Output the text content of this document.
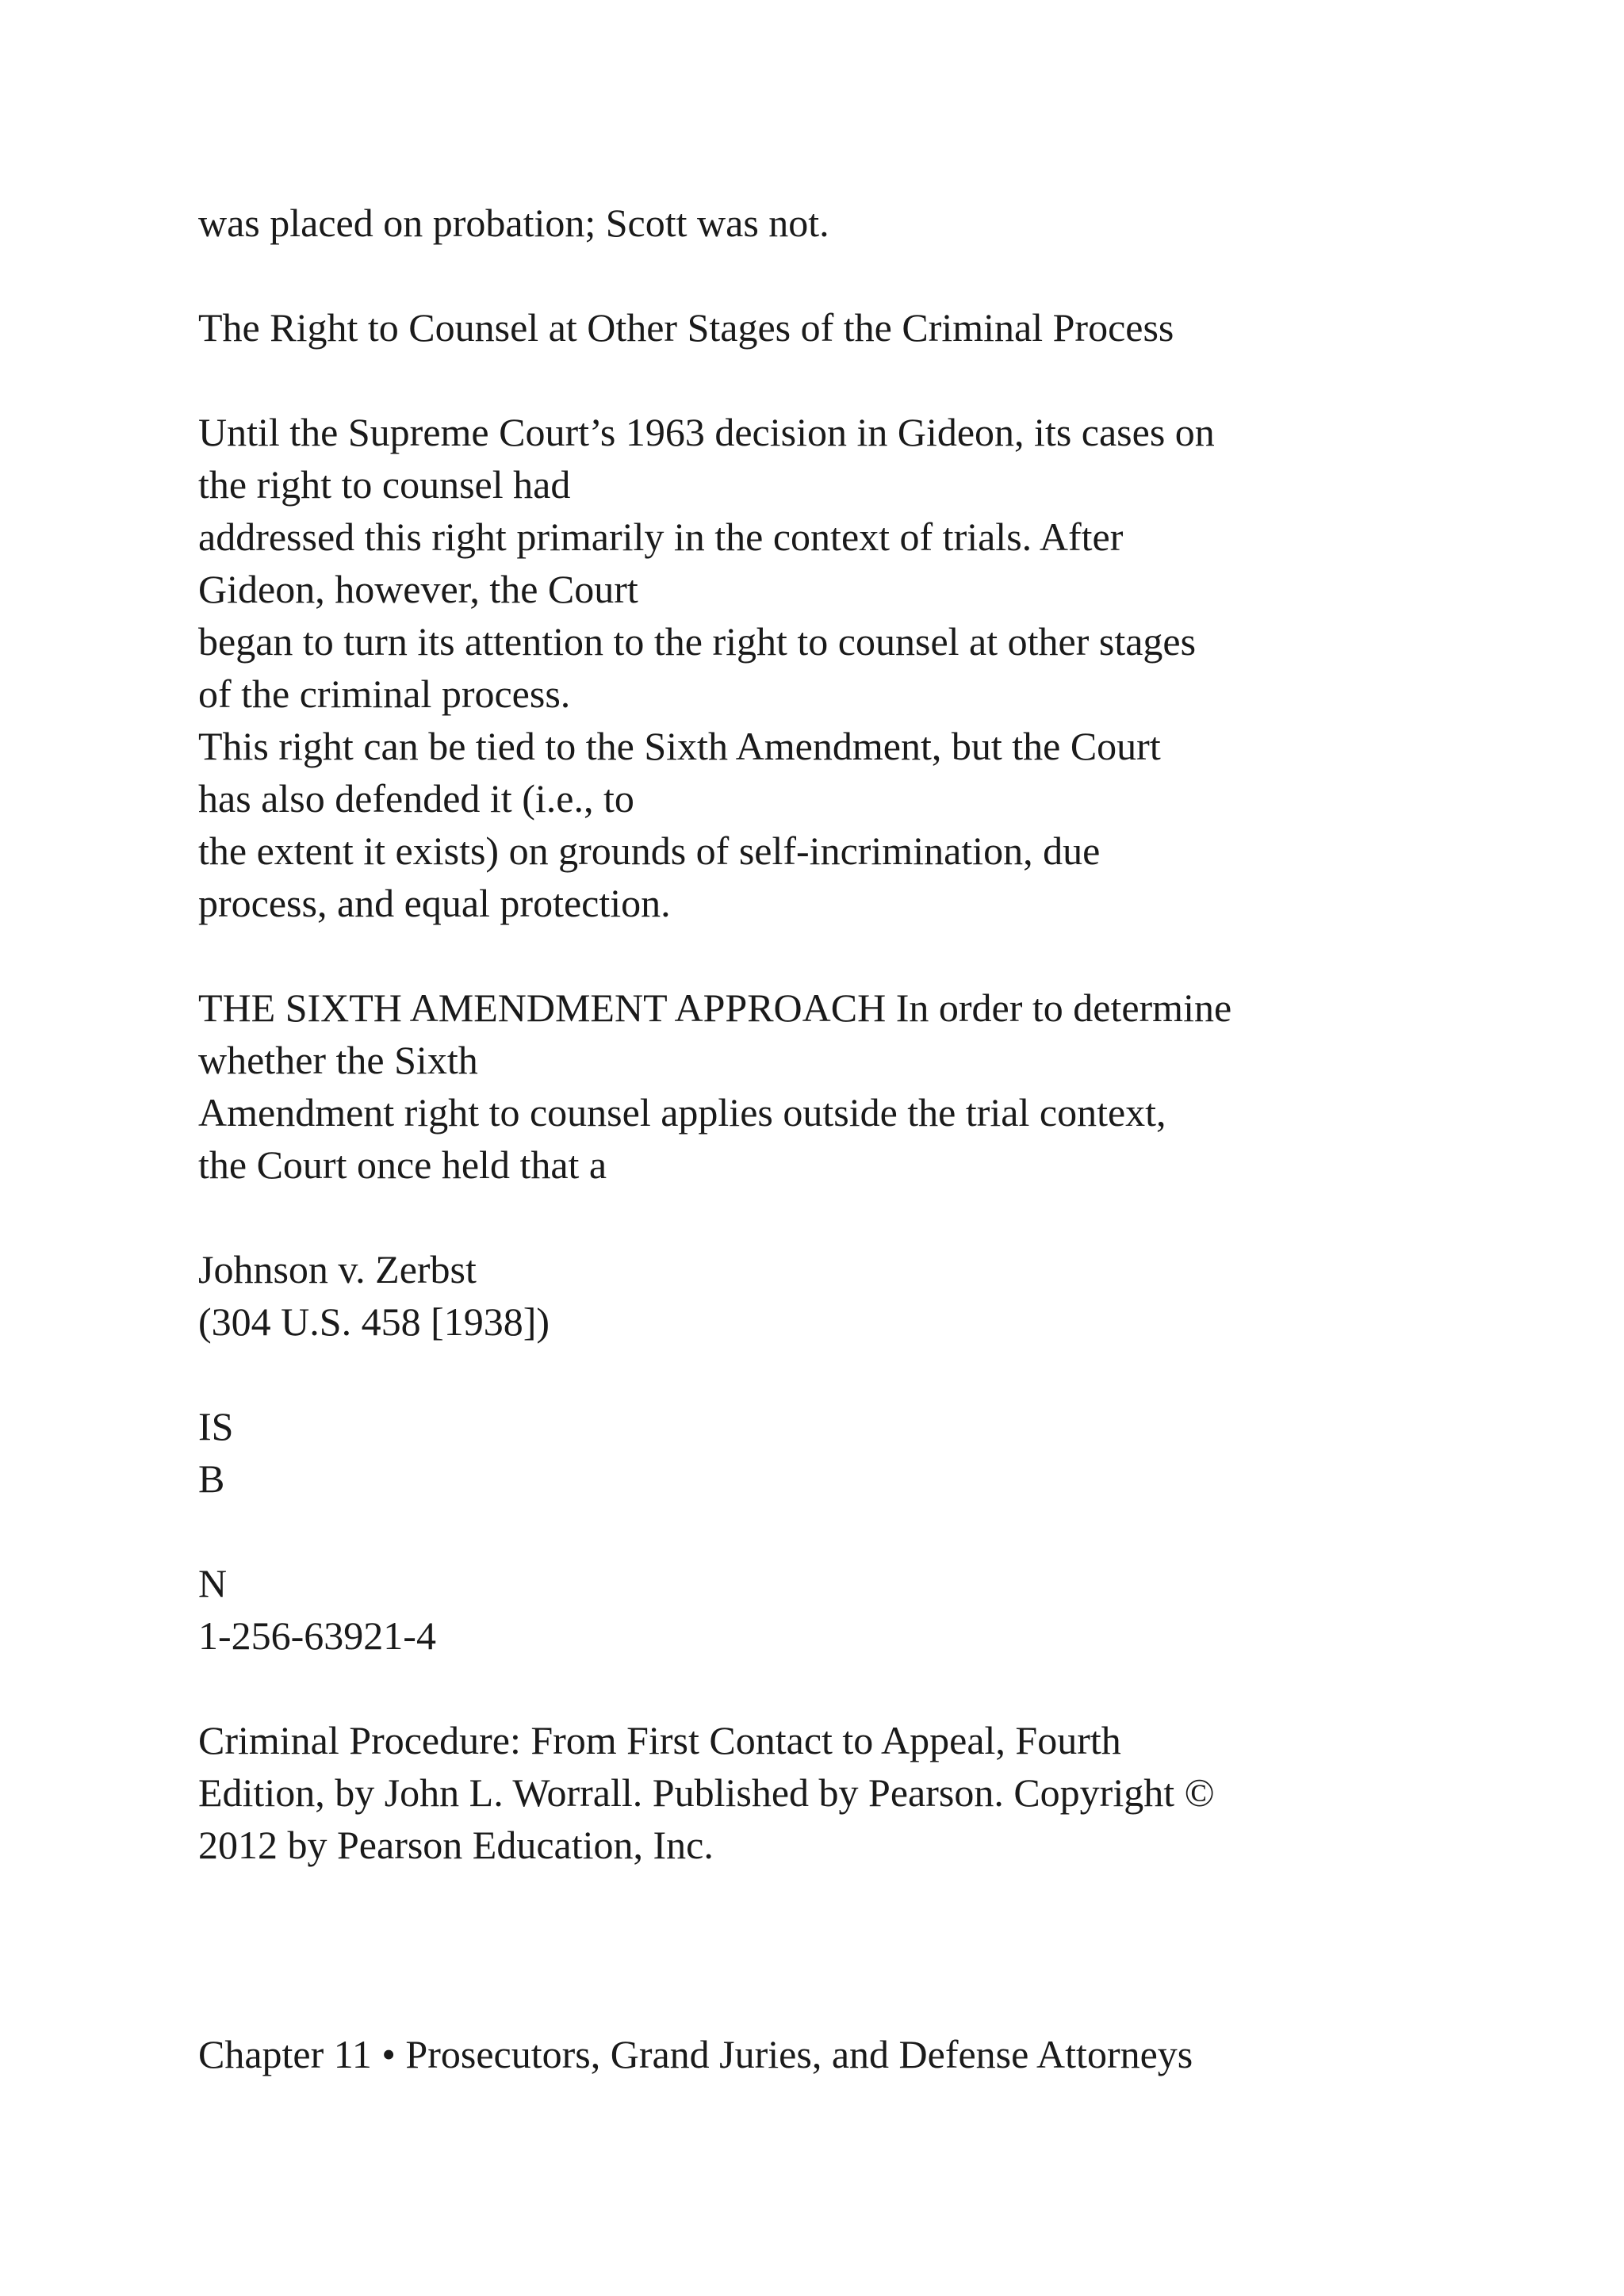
was placed on probation; Scott was not.
The Right to Counsel at Other Stages of the Criminal Process
Until the Supreme Court’s 1963 decision in Gideon, its cases on
the right to counsel had
addressed this right primarily in the context of trials. After
Gideon, however, the Court
began to turn its attention to the right to counsel at other stages
of the criminal process.
This right can be tied to the Sixth Amendment, but the Court
has also defended it (i.e., to
the extent it exists) on grounds of self-incrimination, due
process, and equal protection.
THE SIXTH AMENDMENT APPROACH In order to determine
whether the Sixth
Amendment right to counsel applies outside the trial context,
the Court once held that a
Johnson v. Zerbst
(304 U.S. 458 [1938])
IS
B
N
1-256-63921-4
Criminal Procedure: From First Contact to Appeal, Fourth
Edition, by John L. Worrall. Published by Pearson. Copyright ©
2012 by Pearson Education, Inc.
Chapter 11 • Prosecutors, Grand Juries, and Defense Attorneys
